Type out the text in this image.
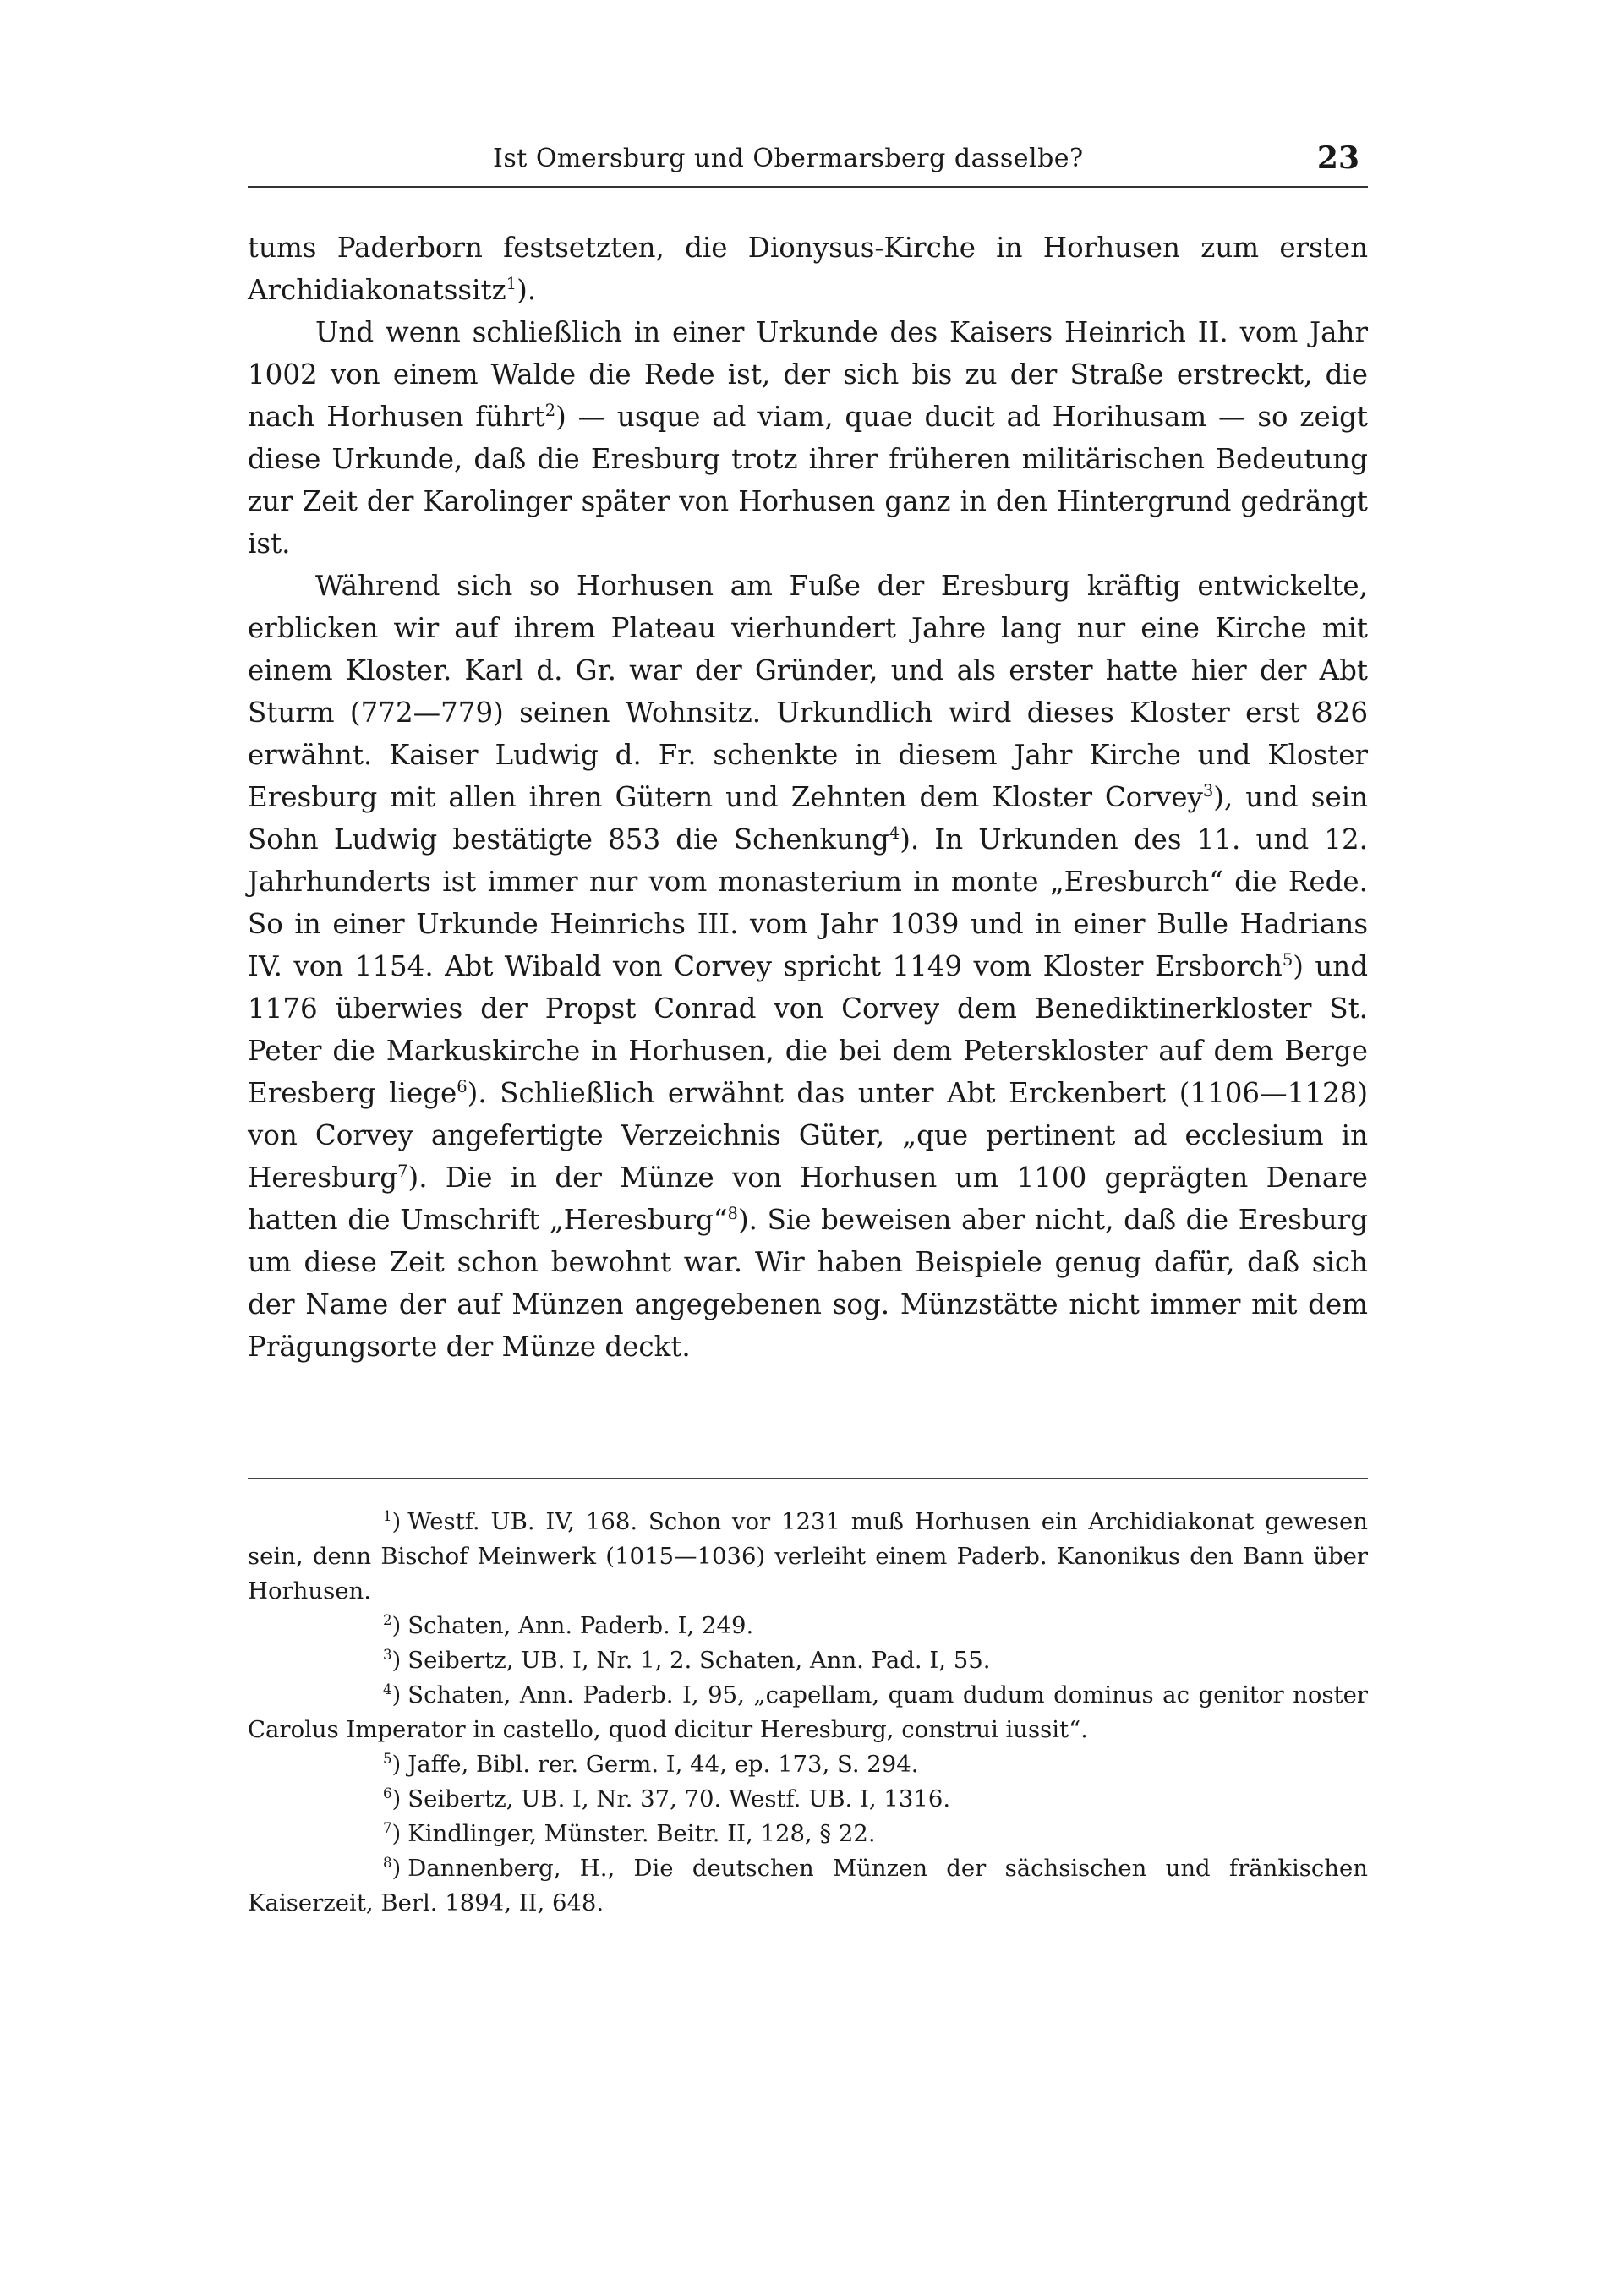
Ist Omersburg und Obermarsberg dasselbe?	23

tums Paderborn festsetzten, die Dionysus-Kirche in Horhusen zum ersten Archidiakonatssitz$^1$).

Und wenn schließlich in einer Urkunde des Kaisers Heinrich II. vom Jahr 1002 von einem Walde die Rede ist, der sich bis zu der Straße erstreckt, die nach Horhusen führt$^2$) — usque ad viam, quae ducit ad Horihusam — so zeigt diese Urkunde, daß die Eresburg trotz ihrer früheren militärischen Bedeutung zur Zeit der Karolinger später von Horhusen ganz in den Hintergrund gedrängt ist.

Während sich so Horhusen am Fuße der Eresburg kräftig entwickelte, erblicken wir auf ihrem Plateau vierhundert Jahre lang nur eine Kirche mit einem Kloster. Karl d. Gr. war der Gründer, und als erster hatte hier der Abt Sturm (772—779) seinen Wohnsitz. Urkundlich wird dieses Kloster erst 826 erwähnt. Kaiser Ludwig d. Fr. schenkte in diesem Jahr Kirche und Kloster Eresburg mit allen ihren Gütern und Zehnten dem Kloster Corvey$^3$), und sein Sohn Ludwig bestätigte 853 die Schenkung$^4$). In Urkunden des 11. und 12. Jahrhunderts ist immer nur vom monasterium in monte „Eresburch“ die Rede. So in einer Urkunde Heinrichs III. vom Jahr 1039 und in einer Bulle Hadrians IV. von 1154. Abt Wibald von Corvey spricht 1149 vom Kloster Ersborch$^5$) und 1176 überwies der Propst Conrad von Corvey dem Benediktinerkloster St. Peter die Markuskirche in Horhusen, die bei dem Peterskloster auf dem Berge Eresberg liege$^6$). Schließlich erwähnt das unter Abt Erckenbert (1106—1128) von Corvey angefertigte Verzeichnis Güter, „que pertinent ad ecclesium in Heresburg$^7$). Die in der Münze von Horhusen um 1100 geprägten Denare hatten die Umschrift „Heresburg“$^8$). Sie beweisen aber nicht, daß die Eresburg um diese Zeit schon bewohnt war. Wir haben Beispiele genug dafür, daß sich der Name der auf Münzen angegebenen sog. Münzstätte nicht immer mit dem Prägungsorte der Münze deckt.

$^1$) Westf. UB. IV, 168. Schon vor 1231 muß Horhusen ein Archidiakonat gewesen sein, denn Bischof Meinwerk (1015—1036) verleiht einem Paderb. Kanonikus den Bann über Horhusen.

$^2$) Schaten, Ann. Paderb. I, 249.

$^3$) Seibertz, UB. I, Nr. 1, 2. Schaten, Ann. Pad. I, 55.

$^4$) Schaten, Ann. Paderb. I, 95, „capellam, quam dudum dominus ac genitor noster Carolus Imperator in castello, quod dicitur Heresburg, construi iussit“.

$^5$) Jaffe, Bibl. rer. Germ. I, 44, ep. 173, S. 294.

$^6$) Seibertz, UB. I, Nr. 37, 70. Westf. UB. I, 1316.

$^7$) Kindlinger, Münster. Beitr. II, 128, § 22.

$^8$) Dannenberg, H., Die deutschen Münzen der sächsischen und fränkischen Kaiserzeit, Berl. 1894, II, 648.
